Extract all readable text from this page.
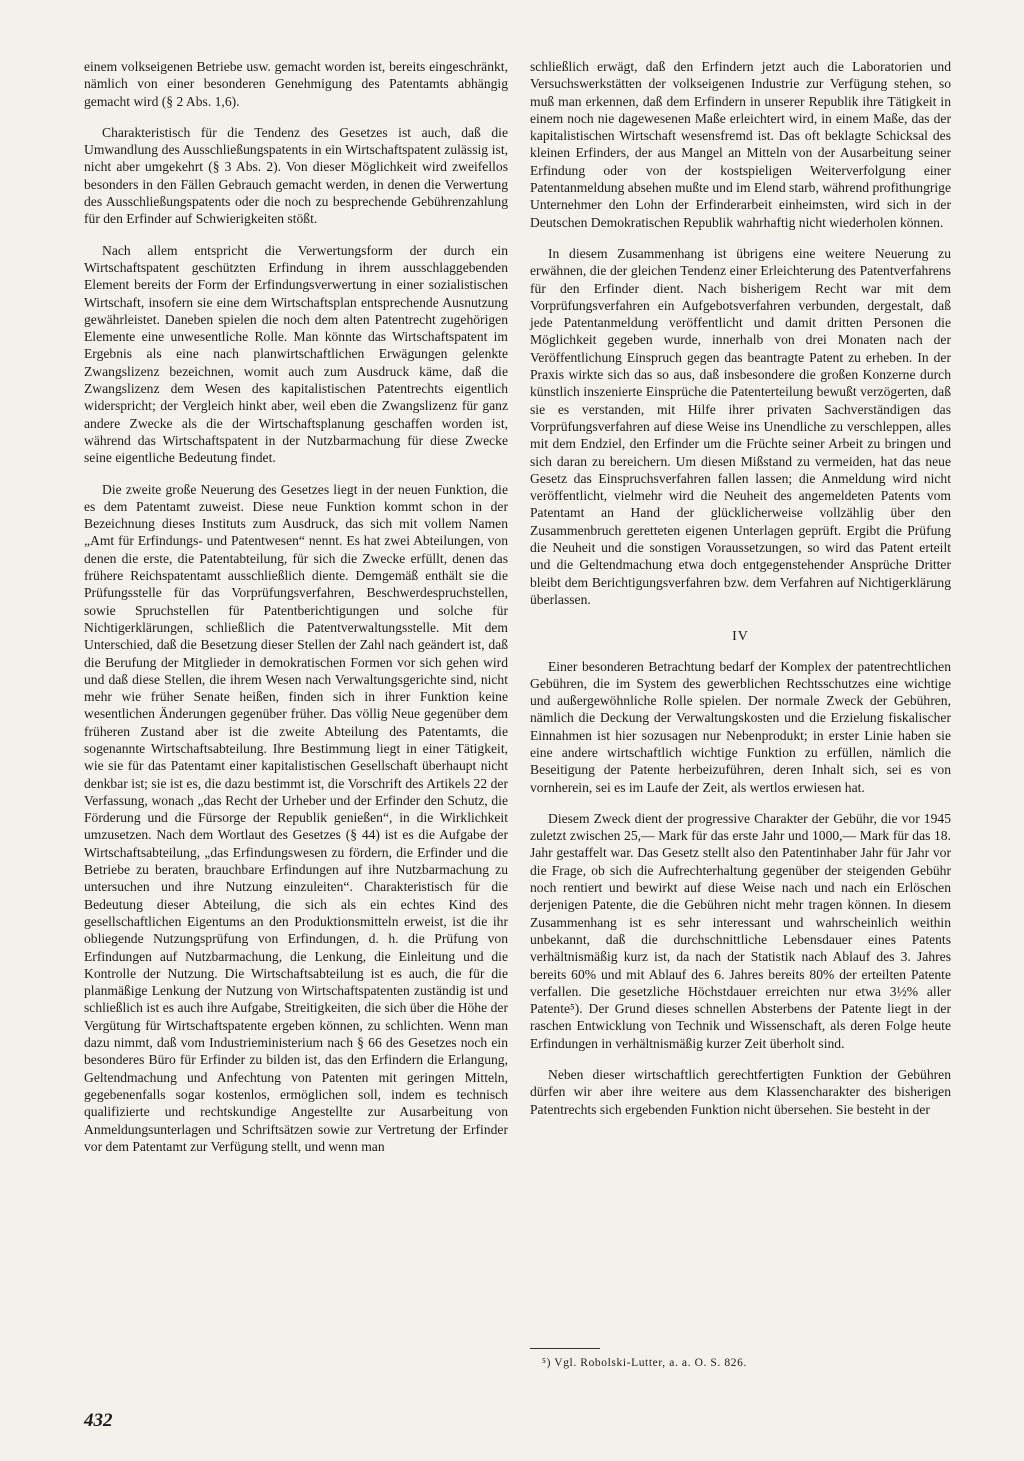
einem volkseigenen Betriebe usw. gemacht worden ist, bereits eingeschränkt, nämlich von einer besonderen Genehmigung des Patentamts abhängig gemacht wird (§ 2 Abs. 1,6).

Charakteristisch für die Tendenz des Gesetzes ist auch, daß die Umwandlung des Ausschließungspatents in ein Wirtschaftspatent zulässig ist, nicht aber umgekehrt (§ 3 Abs. 2). Von dieser Möglichkeit wird zweifellos besonders in den Fällen Gebrauch gemacht werden, in denen die Verwertung des Ausschließungspatents oder die noch zu besprechende Gebührenzahlung für den Erfinder auf Schwierigkeiten stößt.

Nach allem entspricht die Verwertungsform der durch ein Wirtschaftspatent geschützten Erfindung in ihrem ausschlaggebenden Element bereits der Form der Erfindungsverwertung in einer sozialistischen Wirtschaft, insofern sie eine dem Wirtschaftsplan entsprechende Ausnutzung gewährleistet. Daneben spielen die noch dem alten Patentrecht zugehörigen Elemente eine unwesentliche Rolle. Man könnte das Wirtschaftspatent im Ergebnis als eine nach planwirtschaftlichen Erwägungen gelenkte Zwangslizenz bezeichnen, womit auch zum Ausdruck käme, daß die Zwangslizenz dem Wesen des kapitalistischen Patentrechts eigentlich widerspricht; der Vergleich hinkt aber, weil eben die Zwangslizenz für ganz andere Zwecke als die der Wirtschaftsplanung geschaffen worden ist, während das Wirtschaftspatent in der Nutzbarmachung für diese Zwecke seine eigentliche Bedeutung findet.

Die zweite große Neuerung des Gesetzes liegt in der neuen Funktion, die es dem Patentamt zuweist. Diese neue Funktion kommt schon in der Bezeichnung dieses Instituts zum Ausdruck, das sich mit vollem Namen „Amt für Erfindungs- und Patentwesen“ nennt. Es hat zwei Abteilungen, von denen die erste, die Patentabteilung, für sich die Zwecke erfüllt, denen das frühere Reichspatentamt ausschließlich diente. Demgemäß enthält sie die Prüfungsstelle für das Vorprüfungsverfahren, Beschwerdespruchstellen, sowie Spruchstellen für Patentberichtigungen und solche für Nichtigerklärungen, schließlich die Patentverwaltungsstelle. Mit dem Unterschied, daß die Besetzung dieser Stellen der Zahl nach geändert ist, daß die Berufung der Mitglieder in demokratischen Formen vor sich gehen wird und daß diese Stellen, die ihrem Wesen nach Verwaltungsgerichte sind, nicht mehr wie früher Senate heißen, finden sich in ihrer Funktion keine wesentlichen Änderungen gegenüber früher. Das völlig Neue gegenüber dem früheren Zustand aber ist die zweite Abteilung des Patentamts, die sogenannte Wirtschaftsabteilung. Ihre Bestimmung liegt in einer Tätigkeit, wie sie für das Patentamt einer kapitalistischen Gesellschaft überhaupt nicht denkbar ist; sie ist es, die dazu bestimmt ist, die Vorschrift des Artikels 22 der Verfassung, wonach „das Recht der Urheber und der Erfinder den Schutz, die Förderung und die Fürsorge der Republik genießen“, in die Wirklichkeit umzusetzen. Nach dem Wortlaut des Gesetzes (§ 44) ist es die Aufgabe der Wirtschaftsabteilung, „das Erfindungswesen zu fördern, die Erfinder und die Betriebe zu beraten, brauchbare Erfindungen auf ihre Nutzbarmachung zu untersuchen und ihre Nutzung einzuleiten“. Charakteristisch für die Bedeutung dieser Abteilung, die sich als ein echtes Kind des gesellschaftlichen Eigentums an den Produktionsmitteln erweist, ist die ihr obliegende Nutzungsprüfung von Erfindungen, d. h. die Prüfung von Erfindungen auf Nutzbarmachung, die Lenkung, die Einleitung und die Kontrolle der Nutzung. Die Wirtschaftsabteilung ist es auch, die für die planmäßige Lenkung der Nutzung von Wirtschaftspatenten zuständig ist und schließlich ist es auch ihre Aufgabe, Streitigkeiten, die sich über die Höhe der Vergütung für Wirtschaftspatente ergeben können, zu schlichten. Wenn man dazu nimmt, daß vom Industrieministerium nach § 66 des Gesetzes noch ein besonderes Büro für Erfinder zu bilden ist, das den Erfindern die Erlangung, Geltendmachung und Anfechtung von Patenten mit geringen Mitteln, gegebenenfalls sogar kostenlos, ermöglichen soll, indem es technisch qualifizierte und rechtskundige Angestellte zur Ausarbeitung von Anmeldungsunterlagen und Schriftsätzen sowie zur Vertretung der Erfinder vor dem Patentamt zur Verfügung stellt, und wenn man

schließlich erwägt, daß den Erfindern jetzt auch die Laboratorien und Versuchswerkstätten der volkseigenen Industrie zur Verfügung stehen, so muß man erkennen, daß dem Erfindern in unserer Republik ihre Tätigkeit in einem noch nie dagewesenen Maße erleichtert wird, in einem Maße, das der kapitalistischen Wirtschaft wesensfremd ist. Das oft beklagte Schicksal des kleinen Erfinders, der aus Mangel an Mitteln von der Ausarbeitung seiner Erfindung oder von der kostspieligen Weiterverfolgung einer Patentanmeldung absehen mußte und im Elend starb, während profithungrige Unternehmer den Lohn der Erfinderarbeit einheimsten, wird sich in der Deutschen Demokratischen Republik wahrhaftig nicht wiederholen können.

In diesem Zusammenhang ist übrigens eine weitere Neuerung zu erwähnen, die der gleichen Tendenz einer Erleichterung des Patentverfahrens für den Erfinder dient. Nach bisherigem Recht war mit dem Vorprüfungsverfahren ein Aufgebotsverfahren verbunden, dergestalt, daß jede Patentanmeldung veröffentlicht und damit dritten Personen die Möglichkeit gegeben wurde, innerhalb von drei Monaten nach der Veröffentlichung Einspruch gegen das beantragte Patent zu erheben. In der Praxis wirkte sich das so aus, daß insbesondere die großen Konzerne durch künstlich inszenierte Einsprüche die Patenterteilung bewußt verzögerten, daß sie es verstanden, mit Hilfe ihrer privaten Sachverständigen das Vorprüfungsverfahren auf diese Weise ins Unendliche zu verschleppen, alles mit dem Endziel, den Erfinder um die Früchte seiner Arbeit zu bringen und sich daran zu bereichern. Um diesen Mißstand zu vermeiden, hat das neue Gesetz das Einspruchsverfahren fallen lassen; die Anmeldung wird nicht veröffentlicht, vielmehr wird die Neuheit des angemeldeten Patents vom Patentamt an Hand der glücklicherweise vollzählig über den Zusammenbruch geretteten eigenen Unterlagen geprüft. Ergibt die Prüfung die Neuheit und die sonstigen Voraussetzungen, so wird das Patent erteilt und die Geltendmachung etwa doch entgegenstehender Ansprüche Dritter bleibt dem Berichtigungsverfahren bzw. dem Verfahren auf Nichtigerklärung überlassen.

IV

Einer besonderen Betrachtung bedarf der Komplex der patentrechtlichen Gebühren, die im System des gewerblichen Rechtsschutzes eine wichtige und außergewöhnliche Rolle spielen. Der normale Zweck der Gebühren, nämlich die Deckung der Verwaltungskosten und die Erzielung fiskalischer Einnahmen ist hier sozusagen nur Nebenprodukt; in erster Linie haben sie eine andere wirtschaftlich wichtige Funktion zu erfüllen, nämlich die Beseitigung der Patente herbeizuführen, deren Inhalt sich, sei es von vornherein, sei es im Laufe der Zeit, als wertlos erwiesen hat.

Diesem Zweck dient der progressive Charakter der Gebühr, die vor 1945 zuletzt zwischen 25,— Mark für das erste Jahr und 1000,— Mark für das 18. Jahr gestaffelt war. Das Gesetz stellt also den Patentinhaber Jahr für Jahr vor die Frage, ob sich die Aufrechterhaltung gegenüber der steigenden Gebühr noch rentiert und bewirkt auf diese Weise nach und nach ein Erlöschen derjenigen Patente, die die Gebühren nicht mehr tragen können. In diesem Zusammenhang ist es sehr interessant und wahrscheinlich weithin unbekannt, daß die durchschnittliche Lebensdauer eines Patents verhältnismäßig kurz ist, da nach der Statistik nach Ablauf des 3. Jahres bereits 60% und mit Ablauf des 6. Jahres bereits 80% der erteilten Patente verfallen. Die gesetzliche Höchstdauer erreichten nur etwa 3½% aller Patente⁵). Der Grund dieses schnellen Absterbens der Patente liegt in der raschen Entwicklung von Technik und Wissenschaft, als deren Folge heute Erfindungen in verhältnismäßig kurzer Zeit überholt sind.

Neben dieser wirtschaftlich gerechtfertigten Funktion der Gebühren dürfen wir aber ihre weitere aus dem Klassencharakter des bisherigen Patentrechts sich ergebenden Funktion nicht übersehen. Sie besteht in der

⁵) Vgl. Robolski-Lutter, a. a. O. S. 826.
432
